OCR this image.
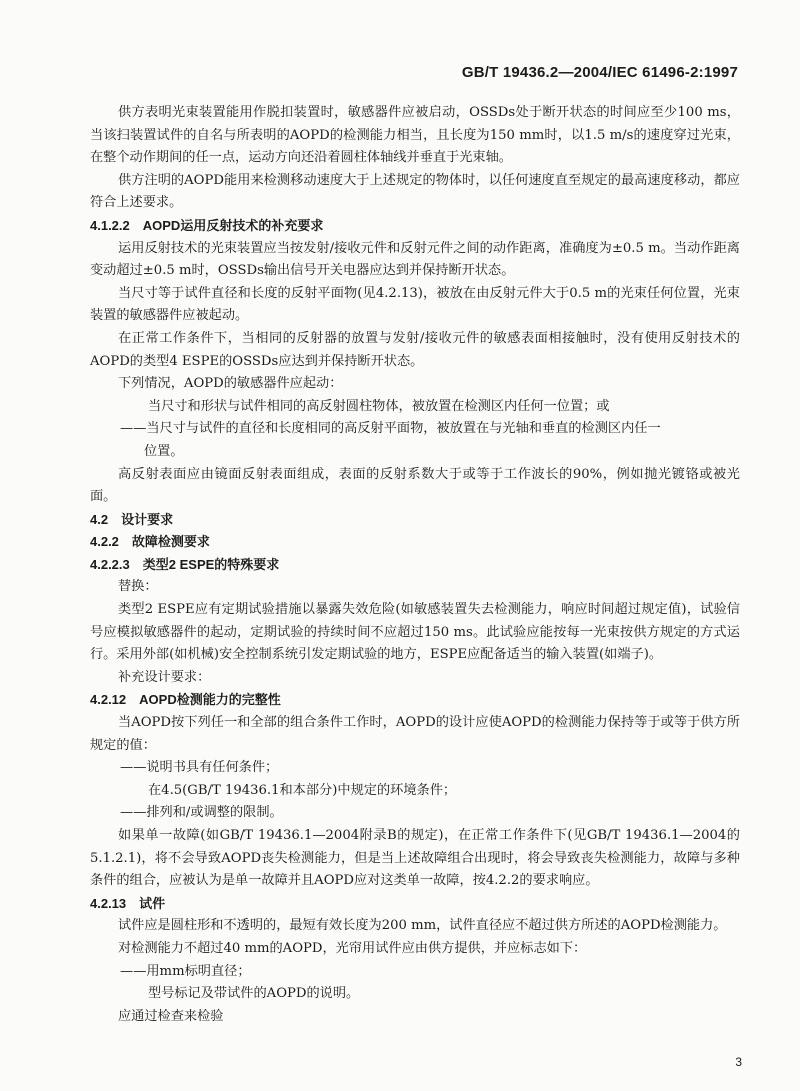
GB/T 19436.2—2004/IEC 61496-2:1997
供方表明光束装置能用作脱扣装置时，敏感器件应被启动，OSSDs处于断开状态的时间应至少100 ms，当该扫装置试件的自名与所表明的AOPD的检测能力相当，且长度为150 mm时，以1.5 m/s的速度穿过光束，在整个动作期间的任一点，运动方向还沿着圆柱体轴线并垂直于光束轴。
供方注明的AOPD能用来检测移动速度大于上述规定的物体时，以任何速度直至规定的最高速度移动，都应符合上述要求。
4.1.2.2　AOPD运用反射技术的补充要求
运用反射技术的光束装置应当按发射/接收元件和反射元件之间的动作距离，准确度为±0.5 m。当动作距离变动超过±0.5 m时，OSSDs输出信号开关电器应达到并保持断开状态。
当尺寸等于试件直径和长度的反射平面物(见4.2.13)，被放在由反射元件大于0.5 m的光束任何位置，光束装置的敏感器件应被起动。
在正常工作条件下，当相同的反射器的放置与发射/接收元件的敏感表面相接触时，没有使用反射技术的AOPD的类型4 ESPE的OSSDs应达到并保持断开状态。
下列情况，AOPD的敏感器件应起动：
当尺寸和形状与试件相同的高反射圆柱物体，被放置在检测区内任何一位置；或
——当尺寸与试件的直径和长度相同的高反射平面物，被放置在与光轴和垂直的检测区内任一
位置。
高反射表面应由镜面反射表面组成，表面的反射系数大于或等于工作波长的90%，例如抛光镀铬或被光面。
4.2　设计要求
4.2.2　故障检测要求
4.2.2.3　类型2 ESPE的特殊要求
替换：
类型2 ESPE应有定期试验措施以暴露失效危险(如敏感装置失去检测能力，响应时间超过规定值)，试验信号应模拟敏感器件的起动，定期试验的持续时间不应超过150 ms。此试验应能按每一光束按供方规定的方式运行。采用外部(如机械)安全控制系统引发定期试验的地方，ESPE应配备适当的输入装置(如端子)。
补充设计要求：
4.2.12　AOPD检测能力的完整性
当AOPD按下列任一和全部的组合条件工作时，AOPD的设计应使AOPD的检测能力保持等于或等于供方所规定的值：
——说明书具有任何条件；
在4.5(GB/T 19436.1和本部分)中规定的环境条件；
——排列和/或调整的限制。
如果单一故障(如GB/T 19436.1—2004附录B的规定)，在正常工作条件下(见GB/T 19436.1—2004的5.1.2.1)，将不会导致AOPD丧失检测能力，但是当上述故障组合出现时，将会导致丧失检测能力，故障与多种条件的组合，应被认为是单一故障并且AOPD应对这类单一故障，按4.2.2的要求响应。
4.2.13　试件
试件应是圆柱形和不透明的，最短有效长度为200 mm，试件直径应不超过供方所述的AOPD检测能力。
对检测能力不超过40 mm的AOPD，光帘用试件应由供方提供，并应标志如下：
——用mm标明直径；
型号标记及带试件的AOPD的说明。
应通过检查来检验
3
